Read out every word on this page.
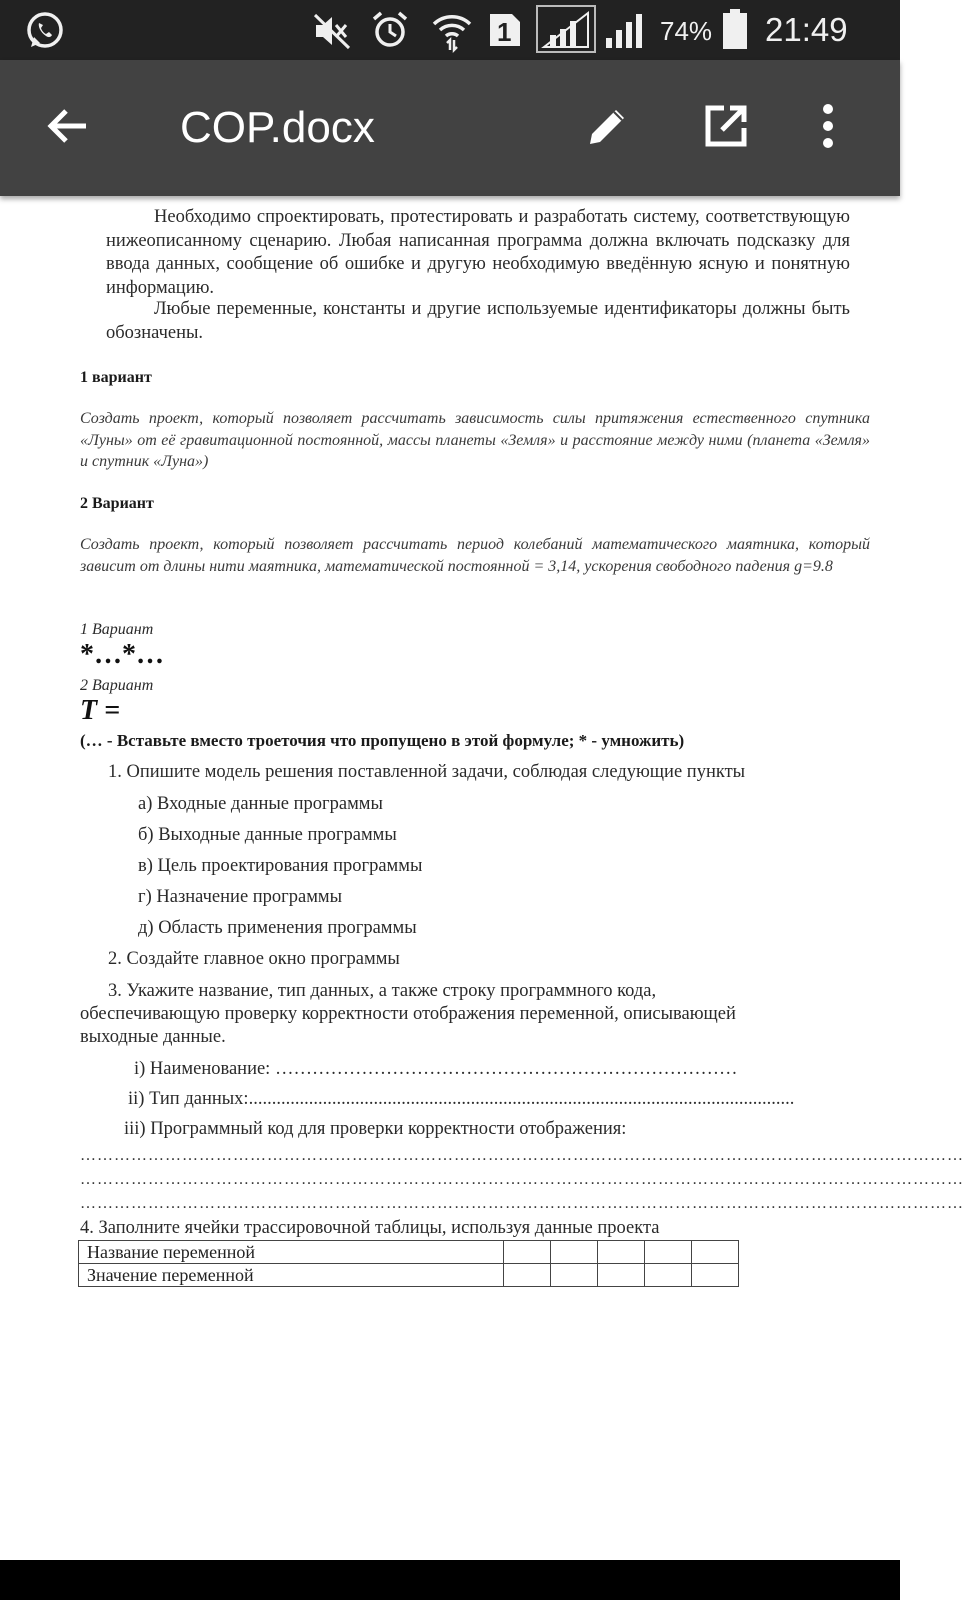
1	74% 21:49
COP.docx

Необходимо спроектировать, протестировать и разработать систему, соответствующую нижеописанному сценарию. Любая написанная программа должна включать подсказку для ввода данных, сообщение об ошибке и другую необходимую введённую ясную и понятную информацию.

Любые переменные, константы и другие используемые идентификаторы должны быть обозначены.

1 вариант

Создать проект, который позволяет рассчитать зависимость силы притяжения естественного спутника «Луны» от её гравитационной постоянной, массы планеты «Земля» и расстояние между ними (планета «Земля» и спутник «Луна»)

2 Вариант

Создать проект, который позволяет рассчитать период колебаний математического маятника, который зависит от длины нити маятника, математической постоянной = 3,14, ускорения свободного падения g=9.8

1 Вариант
*…*…
2 Вариант
T =
(… - Вставьте вместо троеточия что пропущено в этой формуле; * - умножить)
1. Опишите модель решения поставленной задачи, соблюдая следующие пункты
а) Входные данные программы
б) Выходные данные программы
в) Цель проектирования программы
г) Назначение программы
д) Область применения программы
2. Создайте главное окно программы
3. Укажите название, тип данных, а также строку программного кода,
обеспечивающую проверку корректности отображения переменной, описывающей
выходные данные.
i) Наименование: …………………………………………………………………
ii) Тип данных:......................................................................................................................
iii) Программный код для проверки корректности отображения:
…………………………………………………………………………………………………………………………………………
…………………………………………………………………………………………………………………………………………
…………………………………………………………………………………………………………………………………………
4. Заполните ячейки трассировочной таблицы, используя данные проекта
Название переменной					
Значение переменной					
